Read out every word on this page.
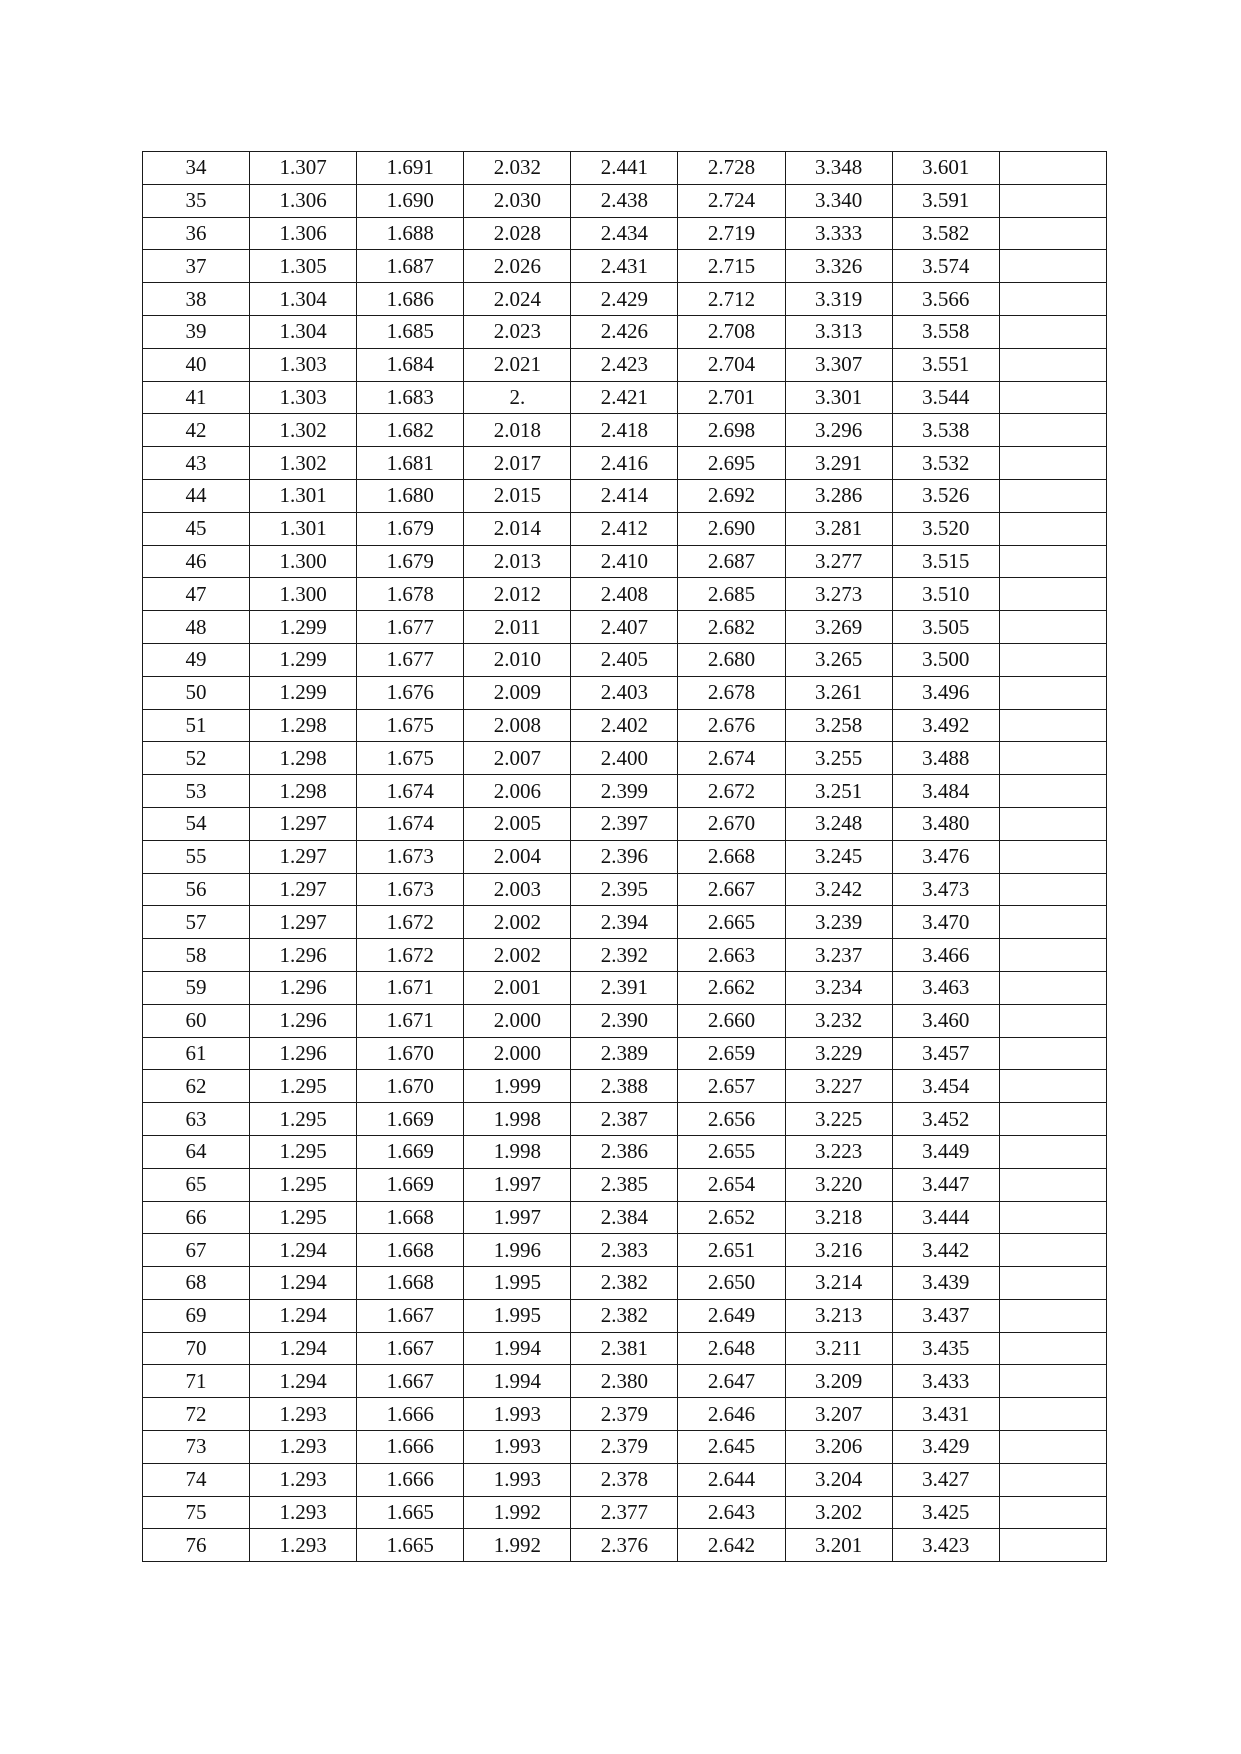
34	1.307	1.691	2.032	2.441	2.728	3.348	3.601	
35	1.306	1.690	2.030	2.438	2.724	3.340	3.591	
36	1.306	1.688	2.028	2.434	2.719	3.333	3.582	
37	1.305	1.687	2.026	2.431	2.715	3.326	3.574	
38	1.304	1.686	2.024	2.429	2.712	3.319	3.566	
39	1.304	1.685	2.023	2.426	2.708	3.313	3.558	
40	1.303	1.684	2.021	2.423	2.704	3.307	3.551	
41	1.303	1.683	2.	2.421	2.701	3.301	3.544	
42	1.302	1.682	2.018	2.418	2.698	3.296	3.538	
43	1.302	1.681	2.017	2.416	2.695	3.291	3.532	
44	1.301	1.680	2.015	2.414	2.692	3.286	3.526	
45	1.301	1.679	2.014	2.412	2.690	3.281	3.520	
46	1.300	1.679	2.013	2.410	2.687	3.277	3.515	
47	1.300	1.678	2.012	2.408	2.685	3.273	3.510	
48	1.299	1.677	2.011	2.407	2.682	3.269	3.505	
49	1.299	1.677	2.010	2.405	2.680	3.265	3.500	
50	1.299	1.676	2.009	2.403	2.678	3.261	3.496	
51	1.298	1.675	2.008	2.402	2.676	3.258	3.492	
52	1.298	1.675	2.007	2.400	2.674	3.255	3.488	
53	1.298	1.674	2.006	2.399	2.672	3.251	3.484	
54	1.297	1.674	2.005	2.397	2.670	3.248	3.480	
55	1.297	1.673	2.004	2.396	2.668	3.245	3.476	
56	1.297	1.673	2.003	2.395	2.667	3.242	3.473	
57	1.297	1.672	2.002	2.394	2.665	3.239	3.470	
58	1.296	1.672	2.002	2.392	2.663	3.237	3.466	
59	1.296	1.671	2.001	2.391	2.662	3.234	3.463	
60	1.296	1.671	2.000	2.390	2.660	3.232	3.460	
61	1.296	1.670	2.000	2.389	2.659	3.229	3.457	
62	1.295	1.670	1.999	2.388	2.657	3.227	3.454	
63	1.295	1.669	1.998	2.387	2.656	3.225	3.452	
64	1.295	1.669	1.998	2.386	2.655	3.223	3.449	
65	1.295	1.669	1.997	2.385	2.654	3.220	3.447	
66	1.295	1.668	1.997	2.384	2.652	3.218	3.444	
67	1.294	1.668	1.996	2.383	2.651	3.216	3.442	
68	1.294	1.668	1.995	2.382	2.650	3.214	3.439	
69	1.294	1.667	1.995	2.382	2.649	3.213	3.437	
70	1.294	1.667	1.994	2.381	2.648	3.211	3.435	
71	1.294	1.667	1.994	2.380	2.647	3.209	3.433	
72	1.293	1.666	1.993	2.379	2.646	3.207	3.431	
73	1.293	1.666	1.993	2.379	2.645	3.206	3.429	
74	1.293	1.666	1.993	2.378	2.644	3.204	3.427	
75	1.293	1.665	1.992	2.377	2.643	3.202	3.425	
76	1.293	1.665	1.992	2.376	2.642	3.201	3.423	
